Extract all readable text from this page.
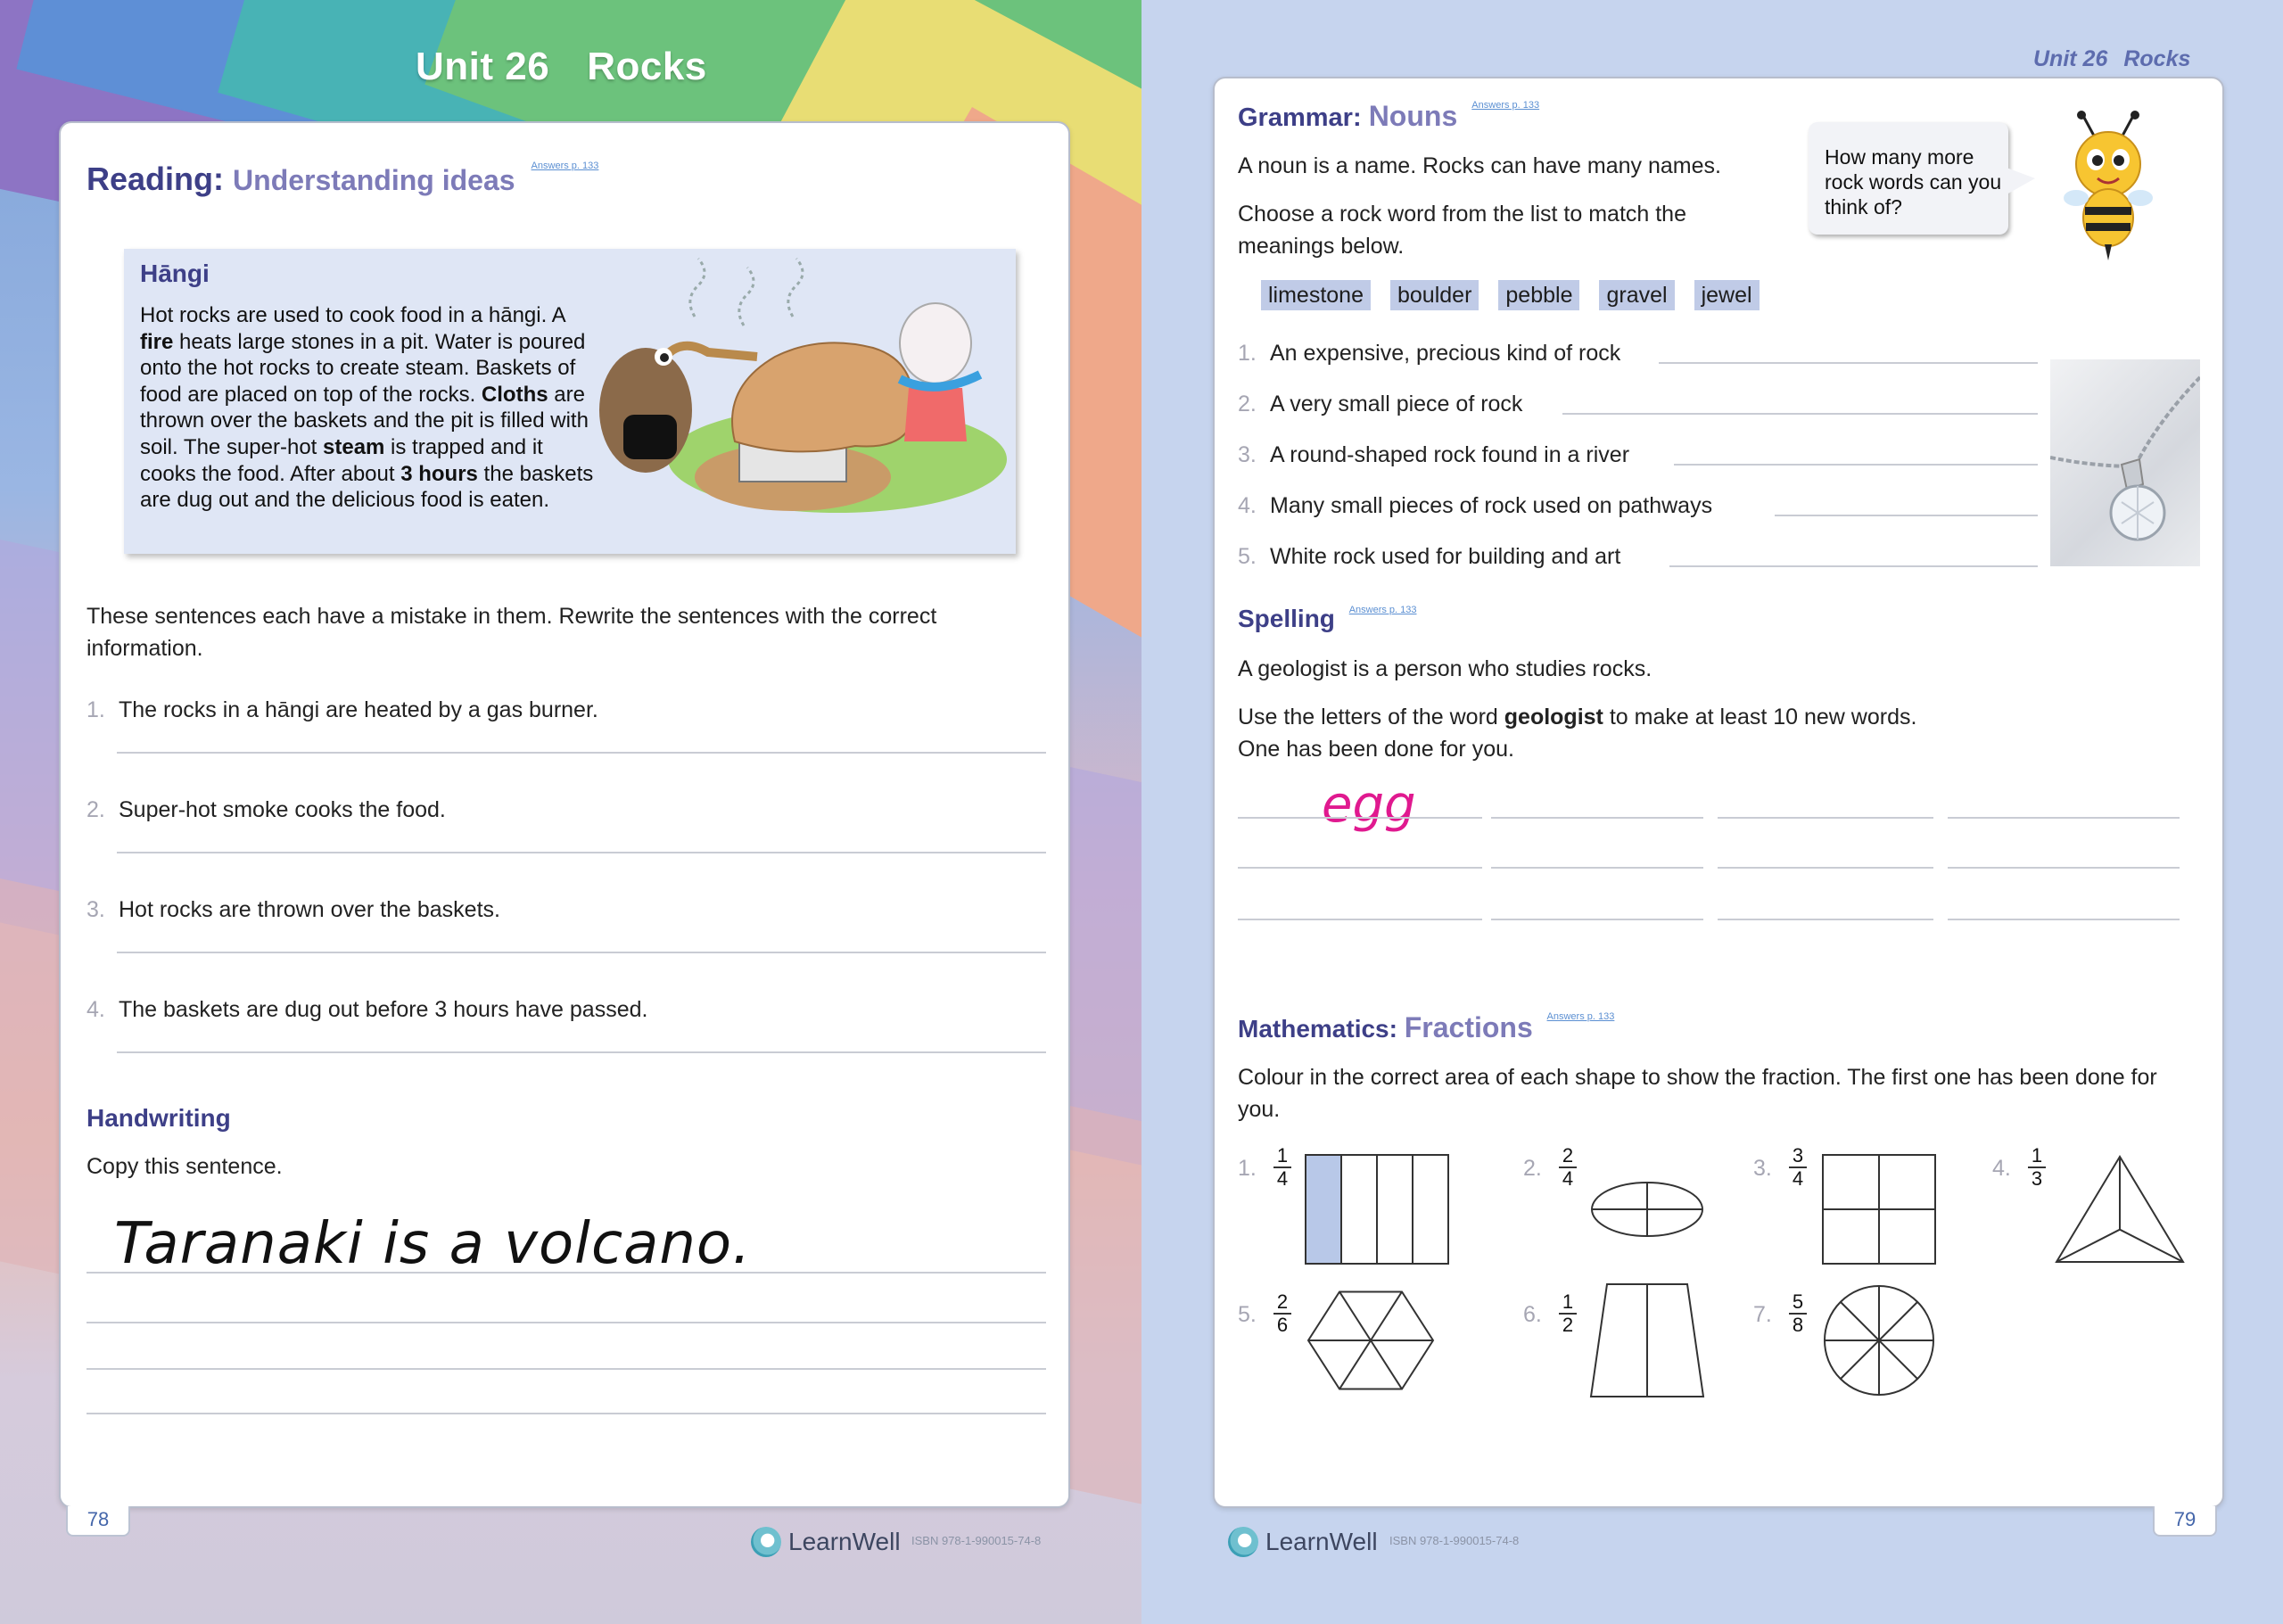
Unit 26 Rocks
Reading: Understanding ideas $^{Answers p. 133}$
Hāngi
Hot rocks are used to cook food in a hāngi. A fire heats large stones in a pit. Water is poured onto the hot rocks to create steam. Baskets of food are placed on top of the rocks. Cloths are thrown over the baskets and the pit is filled with soil. The super-hot steam is trapped and it cooks the food. After about 3 hours the baskets are dug out and the delicious food is eaten.
These sentences each have a mistake in them. Rewrite the sentences with the correct information.
Handwriting
Copy this sentence.
Taranaki is a volcano.
1. The rocks in a hāngi are heated by a gas burner.
2. Super-hot smoke cooks the food.
3. Hot rocks are thrown over the baskets.
4. The baskets are dug out before 3 hours have passed.
78
LearnWell ISBN 978-1-990015-74-8
Unit 26 Rocks
Grammar: Nouns $^{Answers p. 133}$
A noun is a name. Rocks can have many names.
Choose a rock word from the list to match the meanings below.
limestone boulder pebble gravel jewel
Spelling $^{Answers p. 133}$
A geologist is a person who studies rocks.
Use the letters of the word geologist to make at least 10 new words.
One has been done for you.
egg
Mathematics: Fractions $^{Answers p. 133}$
Colour in the correct area of each shape to show the fraction. The first one has been done for you.
1. $\frac{1}{4}$	2. $\frac{2}{4}$	3. $\frac{3}{4}$	4. $\frac{1}{3}$
5. $\frac{2}{6}$	6. $\frac{1}{2}$	7. $\frac{5}{8}$
1. An expensive, precious kind of rock
2. A very small piece of rock
3. A round-shaped rock found in a river
4. Many small pieces of rock used on pathways
5. White rock used for building and art
How many more rock words can you think of?
79
LearnWell ISBN 978-1-990015-74-8
